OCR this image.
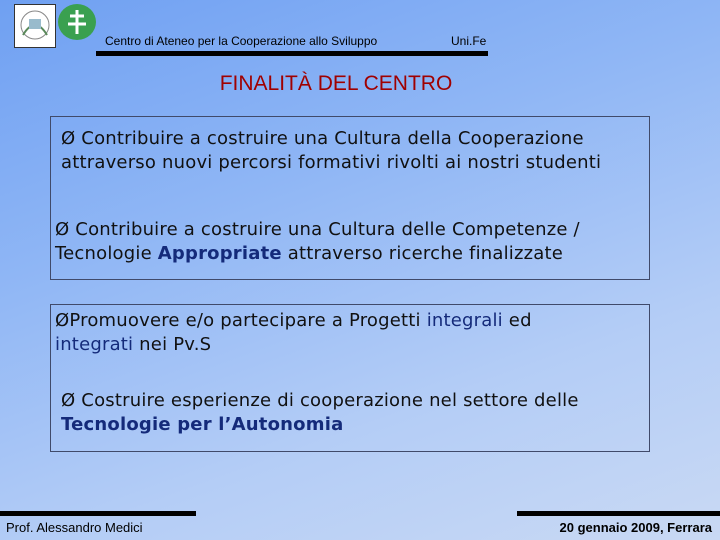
Centro di Ateneo per la Cooperazione allo Sviluppo	Uni.Fe
FINALITÀ DEL CENTRO
Ø Contribuire a costruire una Cultura della Cooperazione attraverso nuovi percorsi formativi rivolti ai nostri studenti
Ø Contribuire a costruire una Cultura delle Competenze / Tecnologie Appropriate attraverso ricerche finalizzate
ØPromuovere e/o partecipare a Progetti integrali ed
integrati nei Pv.S
Ø Costruire esperienze di cooperazione nel settore delle
Tecnologie per l’Autonomia
Prof. Alessandro Medici	20 gennaio 2009, Ferrara
